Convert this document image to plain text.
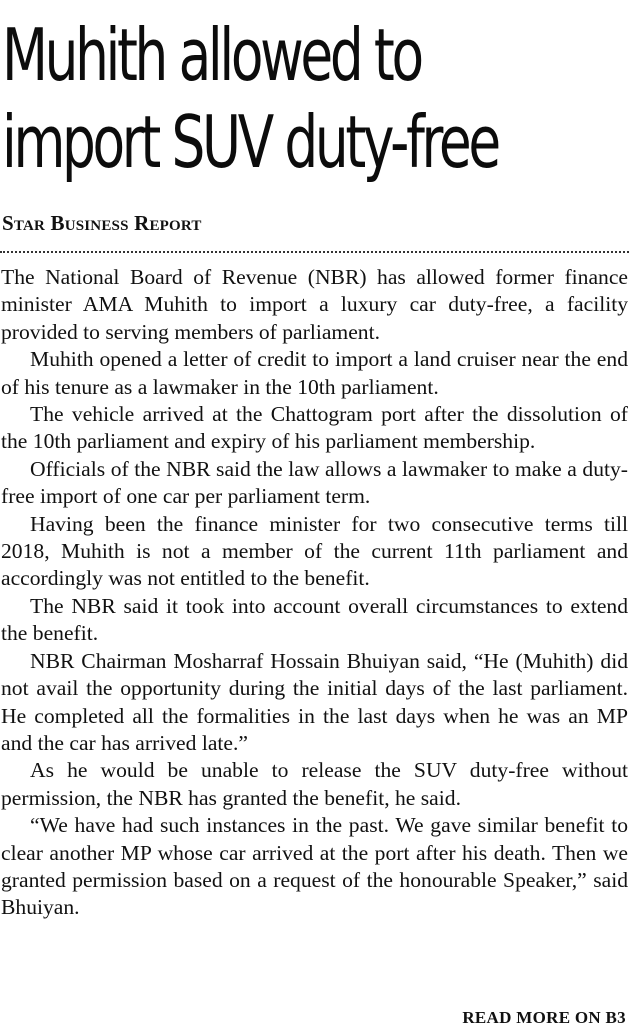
Muhith allowed to
import SUV duty-free
Star Business Report

The National Board of Revenue (NBR) has allowed former finance minister AMA Muhith to import a luxury car duty-free, a facility provided to serving members of parliament.

Muhith opened a letter of credit to import a land cruiser near the end of his tenure as a lawmaker in the 10th parliament.

The vehicle arrived at the Chattogram port after the dissolution of the 10th parliament and expiry of his parliament membership.

Officials of the NBR said the law allows a lawmaker to make a duty-free import of one car per parliament term.

Having been the finance minister for two consecutive terms till 2018, Muhith is not a member of the current 11th parliament and accordingly was not entitled to the benefit.

The NBR said it took into account overall circumstances to extend the benefit.

NBR Chairman Mosharraf Hossain Bhuiyan said, “He (Muhith) did not avail the opportunity during the initial days of the last parliament. He completed all the formalities in the last days when he was an MP and the car has arrived late.”

As he would be unable to release the SUV duty-free without permission, the NBR has granted the benefit, he said.

“We have had such instances in the past. We gave similar benefit to clear another MP whose car arrived at the port after his death. Then we granted permission based on a request of the honourable Speaker,” said Bhuiyan.

READ MORE ON B3
